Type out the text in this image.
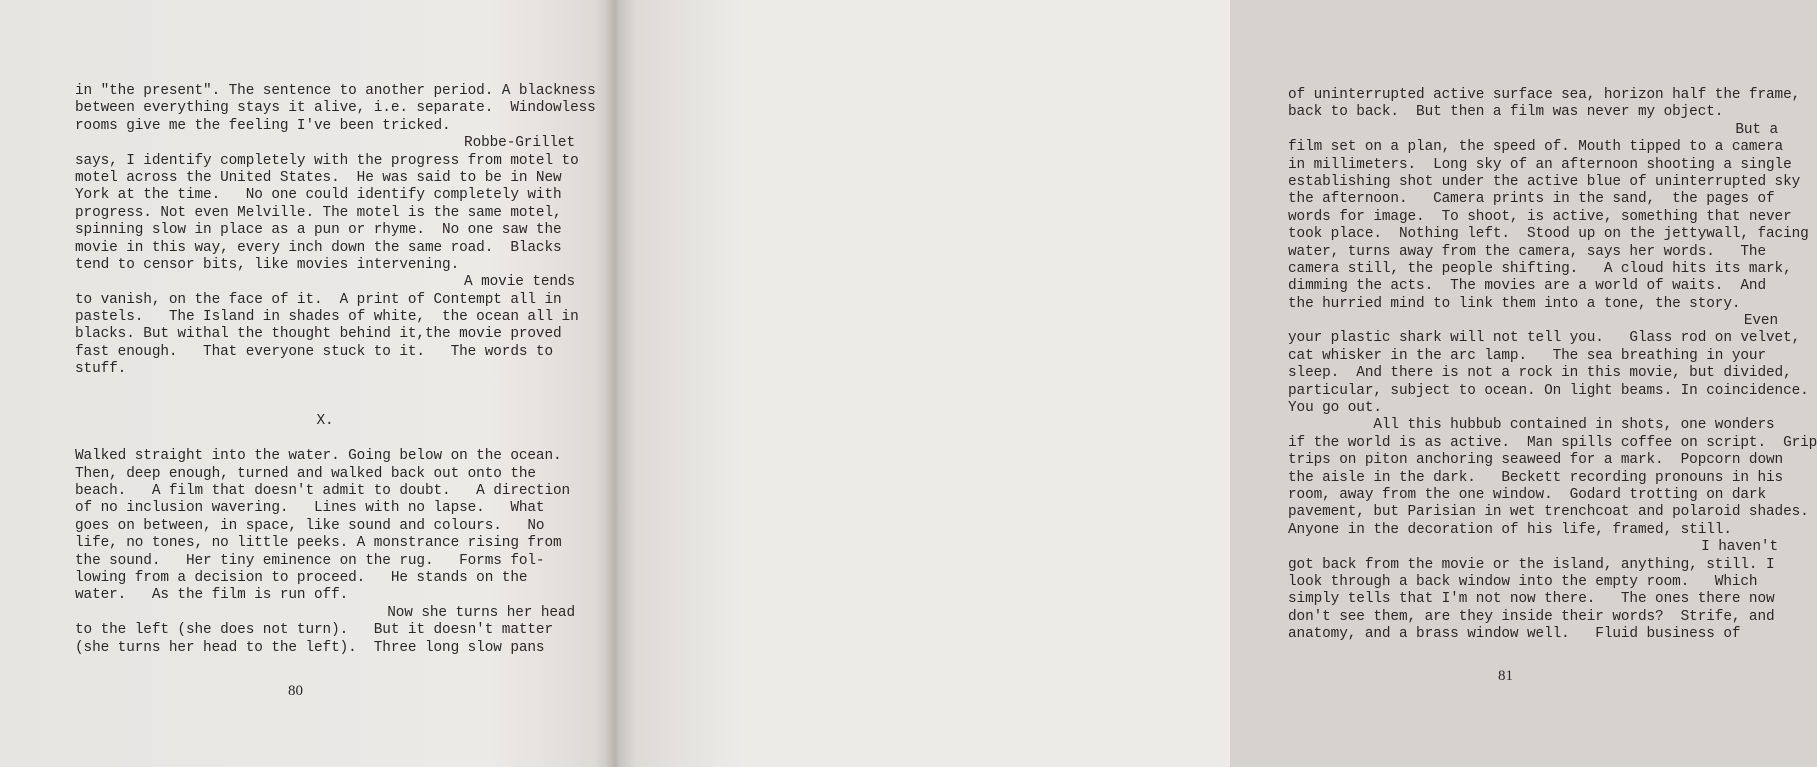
in "the present". The sentence to another period. A blackness
between everything stays it alive, i.e. separate.  Windowless
rooms give me the feeling I've been tricked.
Robbe-Grillet
says, I identify completely with the progress from motel to
motel across the United States.  He was said to be in New
York at the time.   No one could identify completely with
progress. Not even Melville. The motel is the same motel,
spinning slow in place as a pun or rhyme.  No one saw the
movie in this way, every inch down the same road.  Blacks
tend to censor bits, like movies intervening.
A movie tends
to vanish, on the face of it.  A print of Contempt all in
pastels.   The Island in shades of white,  the ocean all in
blacks. But withal the thought behind it,the movie proved
fast enough.   That everyone stuck to it.   The words to
stuff.
X.
Walked straight into the water. Going below on the ocean.
Then, deep enough, turned and walked back out onto the
beach.   A film that doesn't admit to doubt.   A direction
of no inclusion wavering.   Lines with no lapse.   What
goes on between, in space, like sound and colours.   No
life, no tones, no little peeks. A monstrance rising from
the sound.   Her tiny eminence on the rug.   Forms fol-
lowing from a decision to proceed.   He stands on the
water.   As the film is run off.
Now she turns her head
to the left (she does not turn).   But it doesn't matter
(she turns her head to the left).  Three long slow pans
80
of uninterrupted active surface sea, horizon half the frame,
back to back.  But then a film was never my object.
But a
film set on a plan, the speed of. Mouth tipped to a camera
in millimeters.  Long sky of an afternoon shooting a single
establishing shot under the active blue of uninterrupted sky
the afternoon.   Camera prints in the sand,  the pages of
words for image.  To shoot, is active, something that never
took place.  Nothing left.  Stood up on the jettywall, facing
water, turns away from the camera, says her words.   The
camera still, the people shifting.   A cloud hits its mark,
dimming the acts.  The movies are a world of waits.  And
the hurried mind to link them into a tone, the story.
Even
your plastic shark will not tell you.   Glass rod on velvet,
cat whisker in the arc lamp.   The sea breathing in your
sleep.  And there is not a rock in this movie, but divided,
particular, subject to ocean. On light beams. In coincidence.
You go out.
All this hubbub contained in shots, one wonders
if the world is as active.  Man spills coffee on script.  Grip
trips on piton anchoring seaweed for a mark.  Popcorn down
the aisle in the dark.   Beckett recording pronouns in his
room, away from the one window.  Godard trotting on dark
pavement, but Parisian in wet trenchcoat and polaroid shades.
Anyone in the decoration of his life, framed, still.
I haven't
got back from the movie or the island, anything, still. I
look through a back window into the empty room.   Which
simply tells that I'm not now there.   The ones there now
don't see them, are they inside their words?  Strife, and
anatomy, and a brass window well.   Fluid business of
81
